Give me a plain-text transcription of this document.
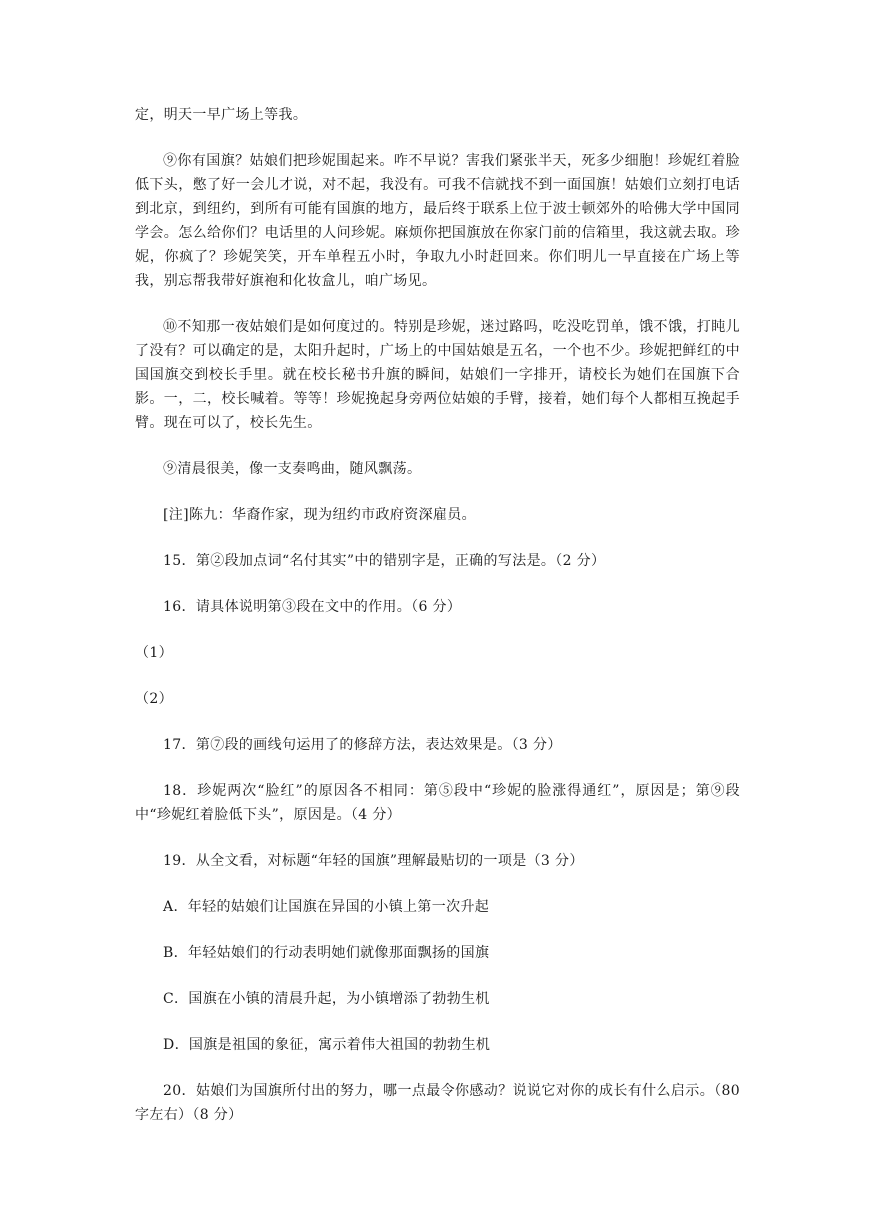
定，明天一早广场上等我。

⑨你有国旗？姑娘们把珍妮围起来。咋不早说？害我们紧张半天，死多少细胞！珍妮红着脸低下头，憋了好一会儿才说，对不起，我没有。可我不信就找不到一面国旗！姑娘们立刻打电话到北京，到纽约，到所有可能有国旗的地方，最后终于联系上位于波士顿郊外的哈佛大学中国同学会。怎么给你们？电话里的人问珍妮。麻烦你把国旗放在你家门前的信箱里，我这就去取。珍妮，你疯了？珍妮笑笑，开车单程五小时，争取九小时赶回来。你们明儿一早直接在广场上等我，别忘帮我带好旗袍和化妆盒儿，咱广场见。

⑩不知那一夜姑娘们是如何度过的。特别是珍妮，迷过路吗，吃没吃罚单，饿不饿，打盹儿了没有？可以确定的是，太阳升起时，广场上的中国姑娘是五名，一个也不少。珍妮把鲜红的中国国旗交到校长手里。就在校长秘书升旗的瞬间，姑娘们一字排开，请校长为她们在国旗下合影。一，二，校长喊着。等等！珍妮挽起身旁两位姑娘的手臂，接着，她们每个人都相互挽起手臂。现在可以了，校长先生。

⑨清晨很美，像一支奏鸣曲，随风飘荡。

[注]陈九：华裔作家，现为纽约市政府资深雇员。

15．第②段加点词“名付其实”中的错别字是，正确的写法是。（2 分）

16．请具体说明第③段在文中的作用。（6 分）

（1）

（2）

17．第⑦段的画线句运用了的修辞方法，表达效果是。（3 分）

18．珍妮两次“脸红”的原因各不相同：第⑤段中“珍妮的脸涨得通红”，原因是；第⑨段中“珍妮红着脸低下头”，原因是。（4 分）

19．从全文看，对标题“年轻的国旗”理解最贴切的一项是（3 分）

A．年轻的姑娘们让国旗在异国的小镇上第一次升起

B．年轻姑娘们的行动表明她们就像那面飘扬的国旗

C．国旗在小镇的清晨升起，为小镇增添了勃勃生机

D．国旗是祖国的象征，寓示着伟大祖国的勃勃生机

20．姑娘们为国旗所付出的努力，哪一点最令你感动？说说它对你的成长有什么启示。（80 字左右）（8 分）
